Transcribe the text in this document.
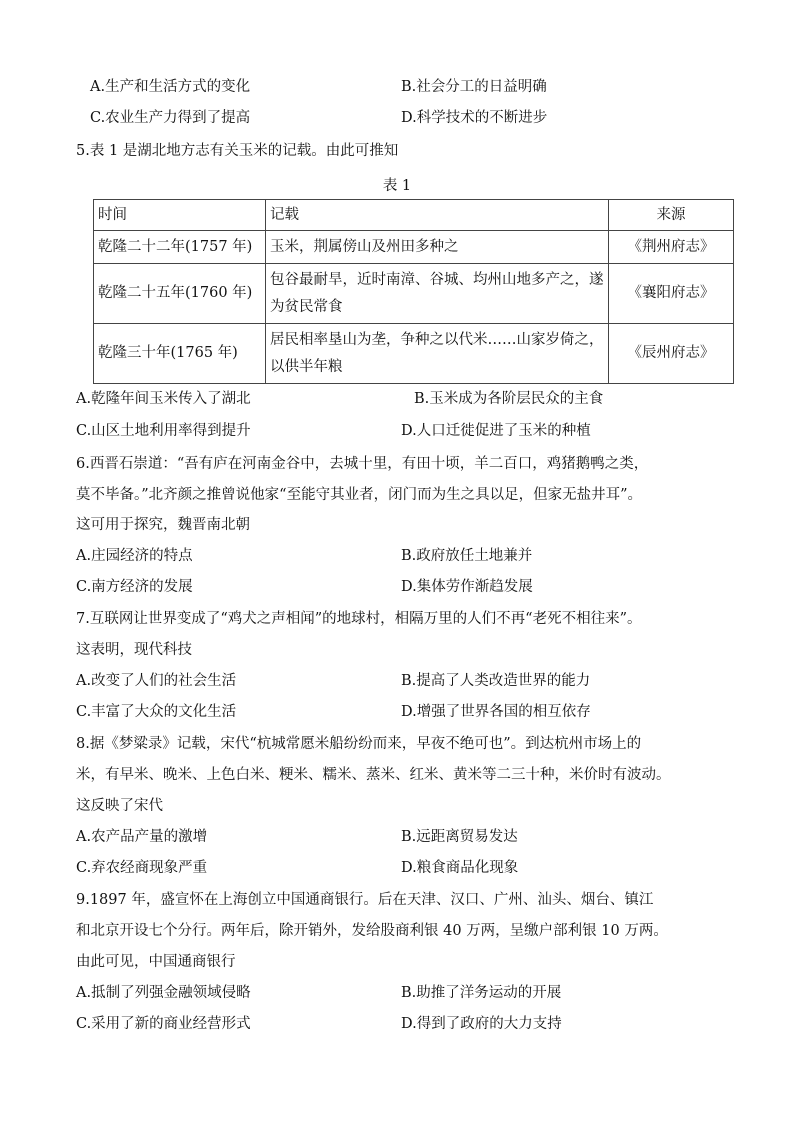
A.生产和生活方式的变化	B.社会分工的日益明确
C.农业生产力得到了提高	D.科学技术的不断进步
5.表 1 是湖北地方志有关玉米的记载。由此可推知
表 1
时间	记载	来源
乾隆二十二年(1757 年)	玉米，荆属傍山及州田多种之	《荆州府志》
乾隆二十五年(1760 年)	包谷最耐旱，近时南漳、谷城、均州山地多产之，遂为贫民常食	《襄阳府志》
乾隆三十年(1765 年)	居民相率垦山为垄，争种之以代米……山家岁倚之，以供半年粮	《辰州府志》
A.乾隆年间玉米传入了湖北	B.玉米成为各阶层民众的主食
C.山区土地利用率得到提升	D.人口迁徙促进了玉米的种植
6.西晋石崇道：“吾有庐在河南金谷中，去城十里，有田十顷，羊二百口，鸡猪鹅鸭之类，
莫不毕备。”北齐颜之推曾说他家“至能守其业者，闭门而为生之具以足，但家无盐井耳”。
这可用于探究，魏晋南北朝
A.庄园经济的特点	B.政府放任土地兼并
C.南方经济的发展	D.集体劳作渐趋发展
7.互联网让世界变成了“鸡犬之声相闻”的地球村，相隔万里的人们不再“老死不相往来”。
这表明，现代科技
A.改变了人们的社会生活	B.提高了人类改造世界的能力
C.丰富了大众的文化生活	D.增强了世界各国的相互依存
8.据《梦粱录》记载，宋代“杭城常愿米船纷纷而来，早夜不绝可也”。到达杭州市场上的
米，有早米、晚米、上色白米、粳米、糯米、蒸米、红米、黄米等二三十种，米价时有波动。
这反映了宋代
A.农产品产量的激增	B.远距离贸易发达
C.弃农经商现象严重	D.粮食商品化现象
9.1897 年，盛宣怀在上海创立中国通商银行。后在天津、汉口、广州、汕头、烟台、镇江
和北京开设七个分行。两年后，除开销外，发给股商利银 40 万两，呈缴户部利银 10 万两。
由此可见，中国通商银行
A.抵制了列强金融领域侵略	B.助推了洋务运动的开展
C.采用了新的商业经营形式	D.得到了政府的大力支持
